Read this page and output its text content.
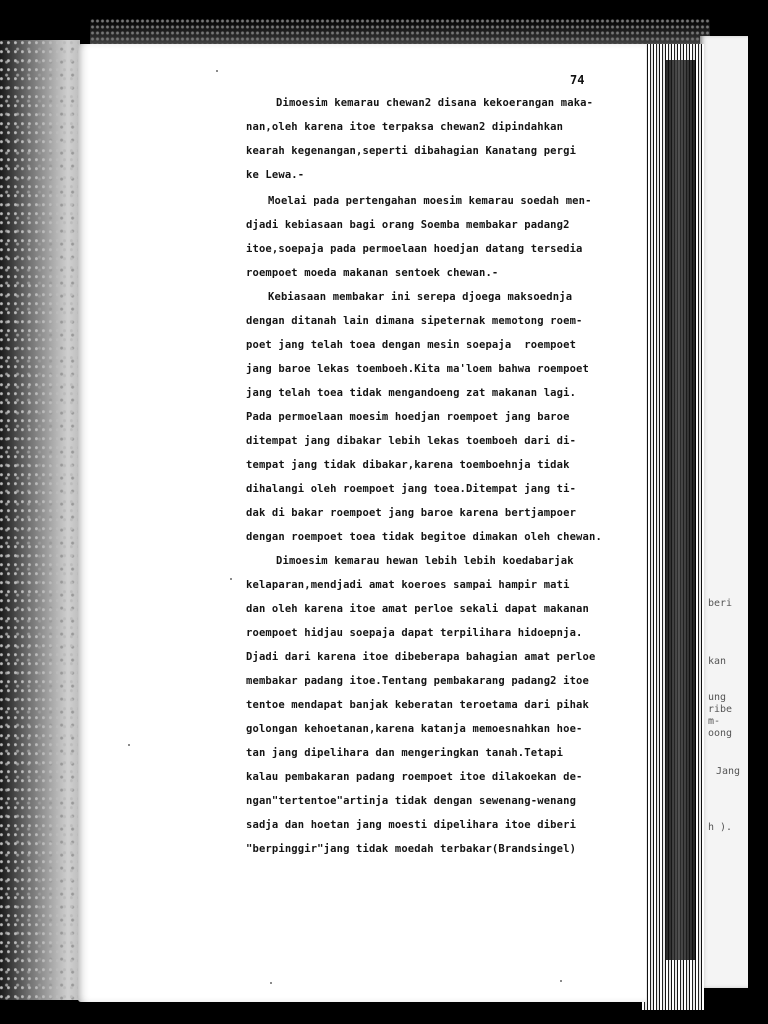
74
Dimoesim kemarau chewan2 disana kekoerangan maka-
nan,oleh karena itoe terpaksa chewan2 dipindahkan
kearah kegenangan,seperti dibahagian Kanatang pergi
ke Lewa.-
Moelai pada pertengahan moesim kemarau soedah men-
djadi kebiasaan bagi orang Soemba membakar padang2
itoe,soepaja pada permoelaan hoedjan datang tersedia
roempoet moeda makanan sentoek chewan.-
Kebiasaan membakar ini serepa djoega maksoednja
dengan ditanah lain dimana sipeternak memotong roem-
poet jang telah toea dengan mesin soepaja  roempoet
jang baroe lekas toemboeh.Kita ma'loem bahwa roempoet
jang telah toea tidak mengandoeng zat makanan lagi.
Pada permoelaan moesim hoedjan roempoet jang baroe
ditempat jang dibakar lebih lekas toemboeh dari di-
tempat jang tidak dibakar,karena toemboehnja tidak
dihalangi oleh roempoet jang toea.Ditempat jang ti-
dak di bakar roempoet jang baroe karena bertjampoer
dengan roempoet toea tidak begitoe dimakan oleh chewan.
Dimoesim kemarau hewan lebih lebih koedabarjak
kelaparan,mendjadi amat koeroes sampai hampir mati
dan oleh karena itoe amat perloe sekali dapat makanan
roempoet hidjau soepaja dapat terpilihara hidoepnja.
Djadi dari karena itoe dibeberapa bahagian amat perloe
membakar padang itoe.Tentang pembakarang padang2 itoe
tentoe mendapat banjak keberatan teroetama dari pihak
golongan kehoetanan,karena katanja memoesnahkan hoe-
tan jang dipelihara dan mengeringkan tanah.Tetapi
kalau pembakaran padang roempoet itoe dilakoekan de-
ngan"tertentoe"artinja tidak dengan sewenang-wenang
sadja dan hoetan jang moesti dipelihara itoe diberi
"berpinggir"jang tidak moedah terbakar(Brandsingel)
beri
kan
ung
ribe
m-
oong
Jang
h ).
